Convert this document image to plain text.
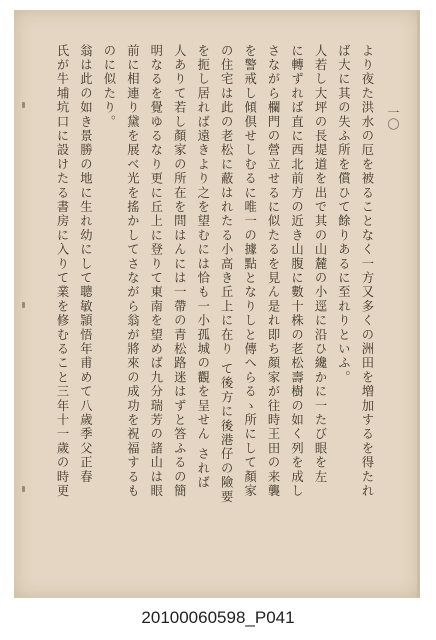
一〇
より夜た洪水の厄を被ることなく一方又多くの洲田を増加するを得たれ
ば大に其の失ふ所を償ひて餘りあるに至れりといふ。
人若し大坪の長堤道を出で其の山麓の小逕に沿ひ纔かに一たび眼を左
に轉ずれば直に西北前方の近き山腹に數十株の老松壽樹の如く列を成し
さながら欄門の營立せるに似たるを見ん是れ即ち顏家が往時王田の来襲
を警戒し傾倶せしむるに唯一の據點となりしと傳へらるゝ所にして顏家
の住宅は此の老松に蔽はれたる小高き丘上に在り て後方に後港仔の險要
を扼し居れば遠きより之を望むには恰も一小孤城の觀を呈せん されば
人ありて若し顏家の所在を問はんには一帶の青松路迷はずと答ふるの簡
明なるを覺ゆるなり更に丘上に登りて東南を望めば九分瑞芳の諸山は眼
前に相連り黛を展べ光を搖かしてさながら翁が將來の成功を祝福するも
のに似たり。
翁は此の如き景勝の地に生れ幼にして聰敏頴悟年甫めて八歲季父正春
氏が牛埔坑口に設けたる書房に入りて業を修むること三年十一歲の時更
20100060598_P041
